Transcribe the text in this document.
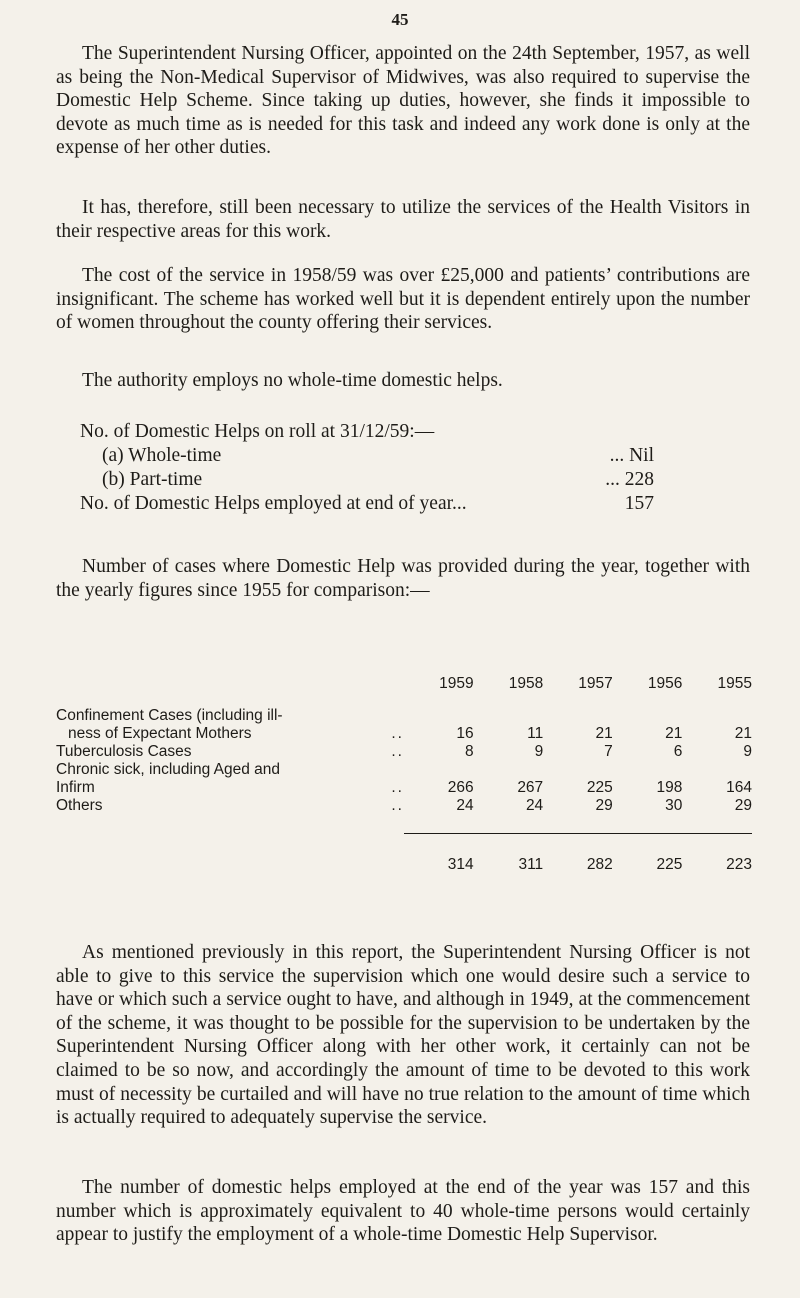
45

The Superintendent Nursing Officer, appointed on the 24th September, 1957, as well as being the Non-Medical Supervisor of Midwives, was also required to supervise the Domestic Help Scheme. Since taking up duties, however, she finds it impossible to devote as much time as is needed for this task and indeed any work done is only at the expense of her other duties.

It has, therefore, still been necessary to utilize the services of the Health Visitors in their respective areas for this work.

The cost of the service in 1958/59 was over £25,000 and patients’ contributions are insignificant. The scheme has worked well but it is dependent entirely upon the number of women throughout the county offering their services.

The authority employs no whole-time domestic helps.

No. of Domestic Helps on roll at 31/12/59:—
(a) Whole-time	... Nil
(b) Part-time	... 228
No. of Domestic Helps employed at end of year...	157

Number of cases where Domestic Help was provided during the year, together with the yearly figures since 1955 for comparison:—

	1959	1958	1957	1956	1955

Confinement Cases (including ill-
ness of Expectant Mothers ..	16	11	21	21	21
Tuberculosis Cases ..	8	9	7	6	9

Chronic sick, including Aged and
Infirm ..	266	267	225	198	164
Others ..	24	24	29	30	29

	314	311	282	225	223

As mentioned previously in this report, the Superintendent Nursing Officer is not able to give to this service the supervision which one would desire such a service to have or which such a service ought to have, and although in 1949, at the commencement of the scheme, it was thought to be possible for the supervision to be undertaken by the Superintendent Nursing Officer along with her other work, it certainly can not be claimed to be so now, and accordingly the amount of time to be devoted to this work must of necessity be curtailed and will have no true relation to the amount of time which is actually required to adequately supervise the service.

The number of domestic helps employed at the end of the year was 157 and this number which is approximately equivalent to 40 whole-time persons would certainly appear to justify the employment of a whole-time Domestic Help Supervisor.
